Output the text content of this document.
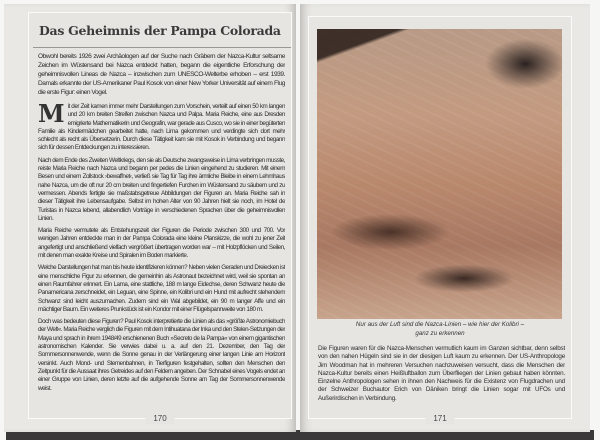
Das Geheimnis der Pampa Colorada
Obwohl bereits 1926 zwei Archäologen auf der Suche nach Gräbern der Nazca-Kultur seltsame Zeichen im Wüstensand bei Nazca entdeckt hatten, begann die eigentliche Erforschung der geheimnisvollen Lineas de Nazca – inzwischen zum UNESCO-Welterbe erhoben – erst 1939. Damals erkannte der US-Amerikaner Paul Kosok von einer New Yorker Universität auf einem Flug die erste Figur: einen Vogel.

Mit der Zeit kamen immer mehr Darstellungen zum Vorschein, verteilt auf einen 50 km langen und 20 km breiten Streifen zwischen Nazca und Palpa. Maria Reiche, eine aus Dresden emigrierte Mathematikerin und Geografin, war gerade aus Cusco, wo sie in einer begüterten Familie als Kindermädchen gearbeitet hatte, nach Lima gekommen und verdingte sich dort mehr schlecht als recht als Übersetzerin. Durch diese Tätigkeit kam sie mit Kosok in Verbindung und begann sich für dessen Entdeckungen zu interessieren.

Nach dem Ende des Zweiten Weltkriegs, den sie als Deutsche zwangsweise in Lima verbringen musste, reiste Maria Reiche nach Nazca und begann per pedes die Linien eingehend zu studieren. Mit einem Besen und einem Zollstock ›bewaffnet‹, verließ sie Tag für Tag ihre ärmliche Bleibe in einem Lehmhaus nahe Nazca, um die oft nur 20 cm breiten und fingertiefen Furchen im Wüstensand zu säubern und zu vermessen. Abends fertigte sie maßstabsgetreue Abbildungen der Figuren an. Maria Reiche sah in dieser Tätigkeit ihre Lebensaufgabe. Selbst im hohen Alter von 90 Jahren hielt sie noch, im Hotel de Turistas in Nazca lebend, allabendlich Vorträge in verschiedenen Sprachen über die geheimnisvollen Linien.

Maria Reiche vermutete als Entstehungszeit der Figuren die Periode zwischen 300 und 700. Vor wenigen Jahren entdeckte man in der Pampa Colorada eine kleine Planskizze, die wohl zu jener Zeit angefertigt und anschließend vielfach vergrößert übertragen worden war – mit Holzpflöcken und Seilen, mit denen man exakte Kreise und Spiralen im Boden markierte.

Welche Darstellungen hat man bis heute identifizieren können? Neben vielen Geraden und Dreiecken ist eine menschliche Figur zu erkennen, die gemeinhin als Astronaut bezeichnet wird, weil sie spontan an einen Raumfahrer erinnert. Ein Lama, eine stattliche, 188 m lange Eidechse, deren Schwanz heute die Panamericana zerschneidet, ein Leguan, eine Spinne, ein Kolibri und ein Hund mit aufrecht stehendem Schwanz sind leicht auszumachen. Zudem sind ein Wal abgebildet, ein 90 m langer Affe und ein mächtiger Baum. Ein weiteres Prunkstück ist ein Kondor mit einer Flügelspannweite von 180 m.

Doch was bedeuten diese Figuren? Paul Kosok interpretierte die Linien als das »größte Astronomiebuch der Welt«. Maria Reiche verglich die Figuren mit dem Intihuatana der Inka und den Stelen-Setzungen der Maya und sprach in ihrem 1948/49 erschienenen Buch »Secreto de la Pampa« von einem gigantischen astronomischen Kalender. Sie verwies dabei u. a. auf den 21. Dezember, den Tag der Sommersonnenwende, wenn die Sonne genau in der Verlängerung einer langen Linie am Horizont versinkt. Auch Mond- und Sternenbahnen, in Tierfiguren festgehalten, sollten den Menschen den Zeitpunkt für die Aussaat ihres Getreides auf den Feldern angeben. Der Schnabel eines Vogels endet an einer Gruppe von Linien, deren letzte auf die aufgehende Sonne am Tag der Sommersonnenwende weist.

170
Nur aus der Luft sind die Nazca-Linien – wie hier der Kolibri –
ganz zu erkennen
Die Figuren waren für die Nazca-Menschen vermutlich kaum im Ganzen sichtbar, denn selbst von den nahen Hügeln sind sie in der diesigen Luft kaum zu erkennen. Der US-Anthropologe Jim Woodman hat in mehreren Versuchen nachzuweisen versucht, dass die Menschen der Nazca-Kultur bereits einen Heißluftballon zum Überfliegen der Linien gebaut haben könnten. Einzelne Anthropologen sehen in ihnen den Nachweis für die Existenz von Flugdrachen und der Schweizer Buchautor Erich von Däniken bringt die Linien sogar mit UFOs und Außerirdischen in Verbindung.
171
